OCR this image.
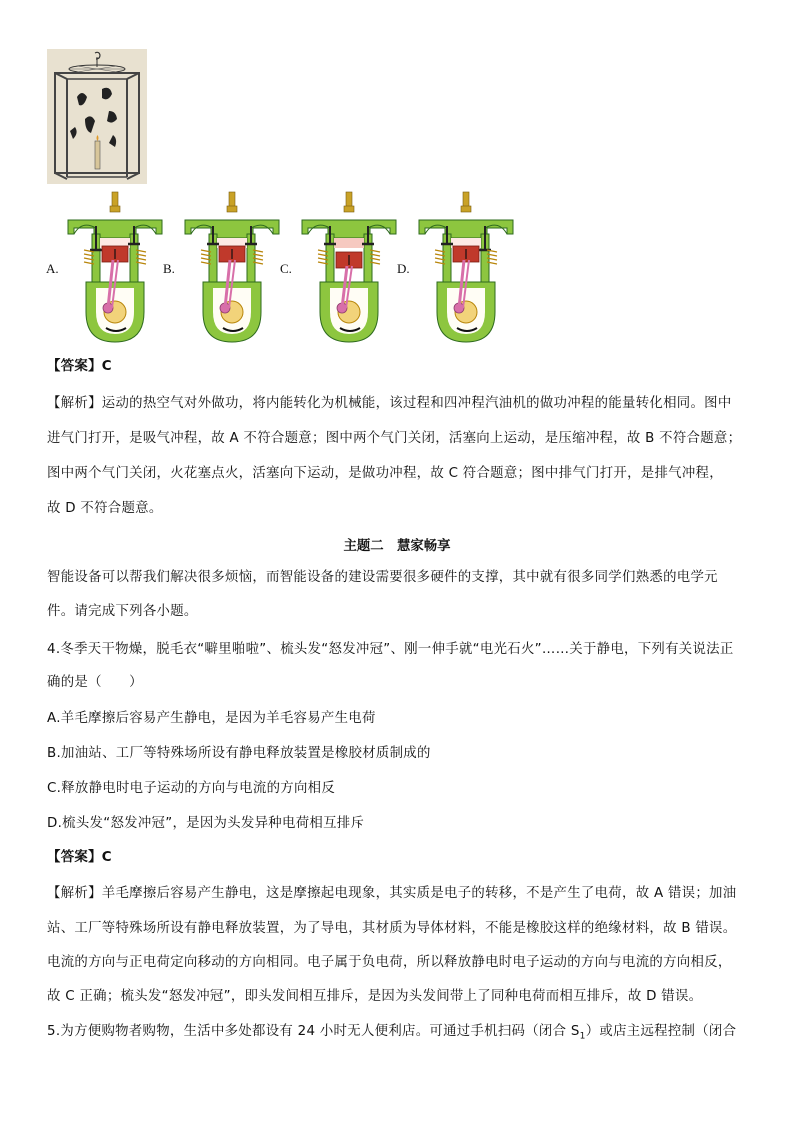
A.	B.	C.	D.
【答案】C
【解析】运动的热空气对外做功，将内能转化为机械能，该过程和四冲程汽油机的做功冲程的能量转化相同。图中
进气门打开，是吸气冲程，故 A 不符合题意；图中两个气门关闭，活塞向上运动，是压缩冲程，故 B 不符合题意；
图中两个气门关闭，火花塞点火，活塞向下运动，是做功冲程，故 C 符合题意；图中排气门打开，是排气冲程，
故 D 不符合题意。
主题二　慧家畅享
智能设备可以帮我们解决很多烦恼，而智能设备的建设需要很多硬件的支撑，其中就有很多同学们熟悉的电学元
件。请完成下列各小题。
4.冬季天干物燥，脱毛衣“噼里啪啦”、梳头发“怒发冲冠”、刚一伸手就“电光石火”……关于静电，下列有关说法正
确的是（　　）
A.羊毛摩擦后容易产生静电，是因为羊毛容易产生电荷
B.加油站、工厂等特殊场所设有静电释放装置是橡胶材质制成的
C.释放静电时电子运动的方向与电流的方向相反
D.梳头发“怒发冲冠”，是因为头发异种电荷相互排斥
【答案】C
【解析】羊毛摩擦后容易产生静电，这是摩擦起电现象，其实质是电子的转移，不是产生了电荷，故 A 错误；加油
站、工厂等特殊场所设有静电释放装置，为了导电，其材质为导体材料，不能是橡胶这样的绝缘材料，故 B 错误。
电流的方向与正电荷定向移动的方向相同。电子属于负电荷，所以释放静电时电子运动的方向与电流的方向相反，
故 C 正确；梳头发“怒发冲冠”，即头发间相互排斥，是因为头发间带上了同种电荷而相互排斥，故 D 错误。
5.为方便购物者购物，生活中多处都设有 24 小时无人便利店。可通过手机扫码（闭合 $S_1$）或店主远程控制（闭合
